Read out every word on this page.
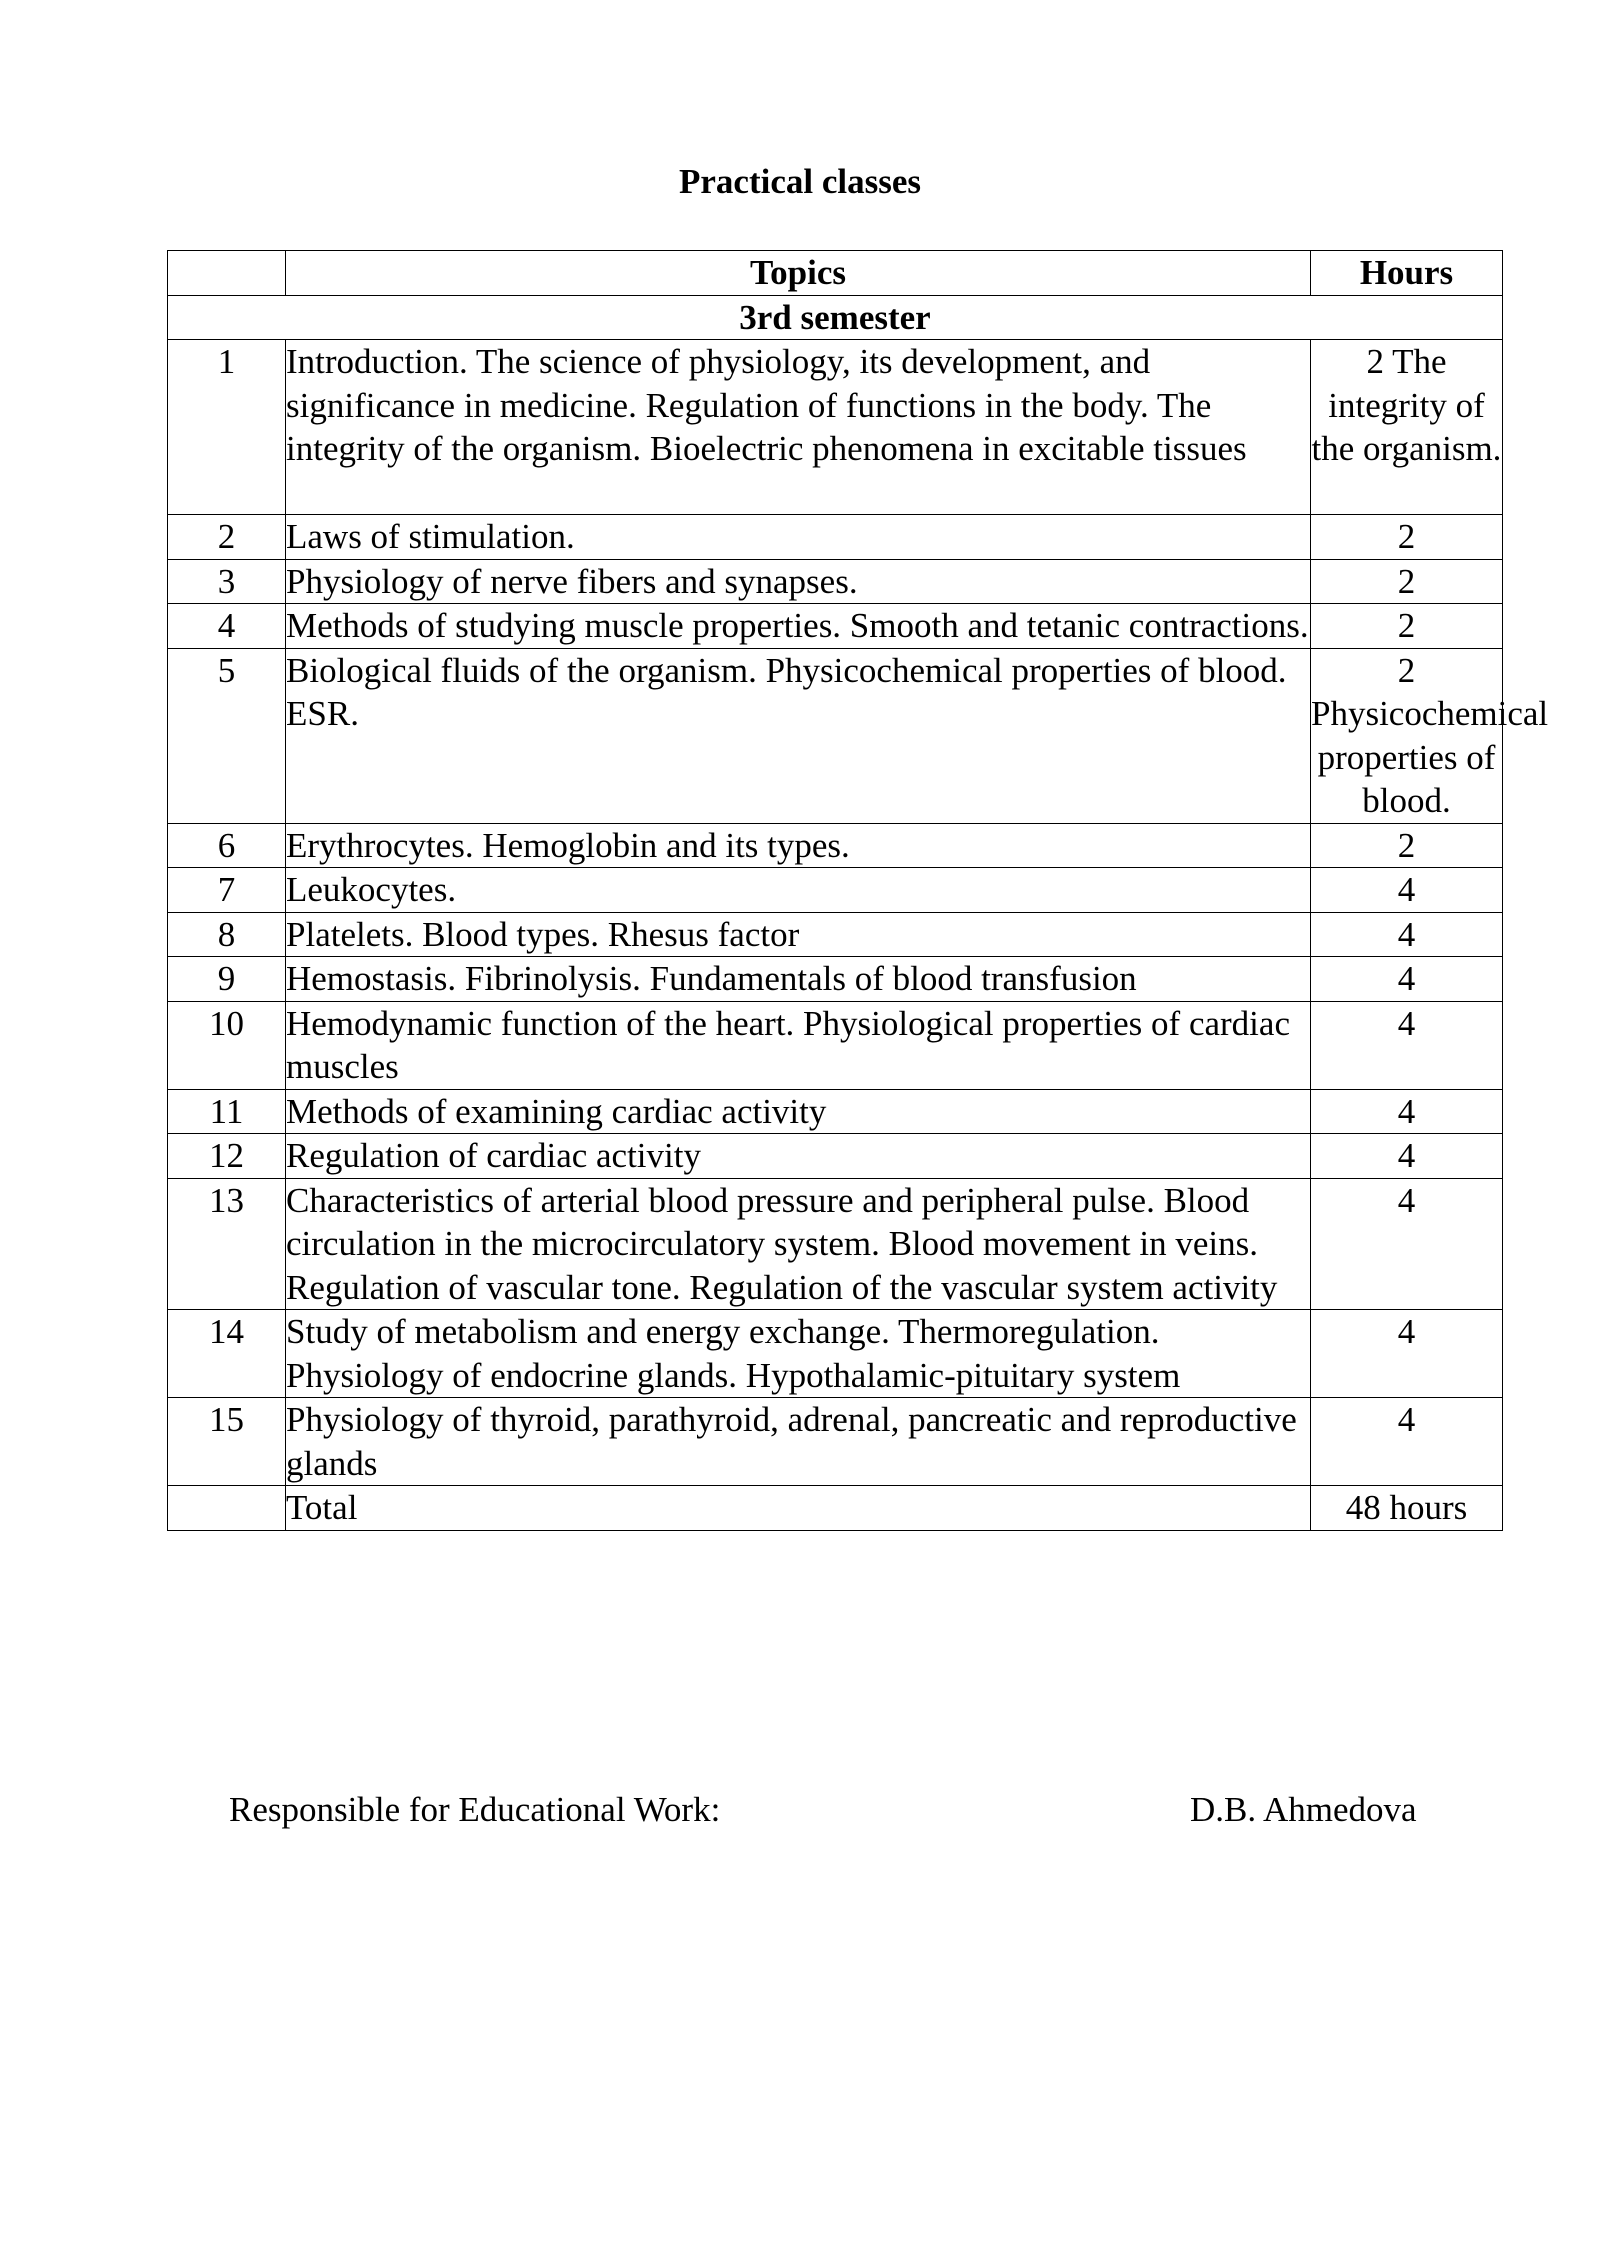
Practical classes
	Topics	Hours
3rd semester		
1	Introduction. The science of physiology, its development, and significance in medicine. Regulation of functions in the body. The integrity of the organism. Bioelectric phenomena in excitable tissues	2 The integrity of the organism.
2	Laws of stimulation.	2
3	Physiology of nerve fibers and synapses.	2
4	Methods of studying muscle properties. Smooth and tetanic contractions.	2
5	Biological fluids of the organism. Physicochemical properties of blood. ESR.	2 Physicochemical properties of blood.
6	Erythrocytes. Hemoglobin and its types.	2
7	Leukocytes.	4
8	Platelets. Blood types. Rhesus factor	4
9	Hemostasis. Fibrinolysis. Fundamentals of blood transfusion	4
10	Hemodynamic function of the heart. Physiological properties of cardiac muscles	4
11	Methods of examining cardiac activity	4
12	Regulation of cardiac activity	4
13	Characteristics of arterial blood pressure and peripheral pulse. Blood circulation in the microcirculatory system. Blood movement in veins. Regulation of vascular tone. Regulation of the vascular system activity	4
14	Study of metabolism and energy exchange. Thermoregulation. Physiology of endocrine glands. Hypothalamic-pituitary system	4
15	Physiology of thyroid, parathyroid, adrenal, pancreatic and reproductive glands	4
	Total	48 hours
Responsible for Educational Work:	D.B. Ahmedova
